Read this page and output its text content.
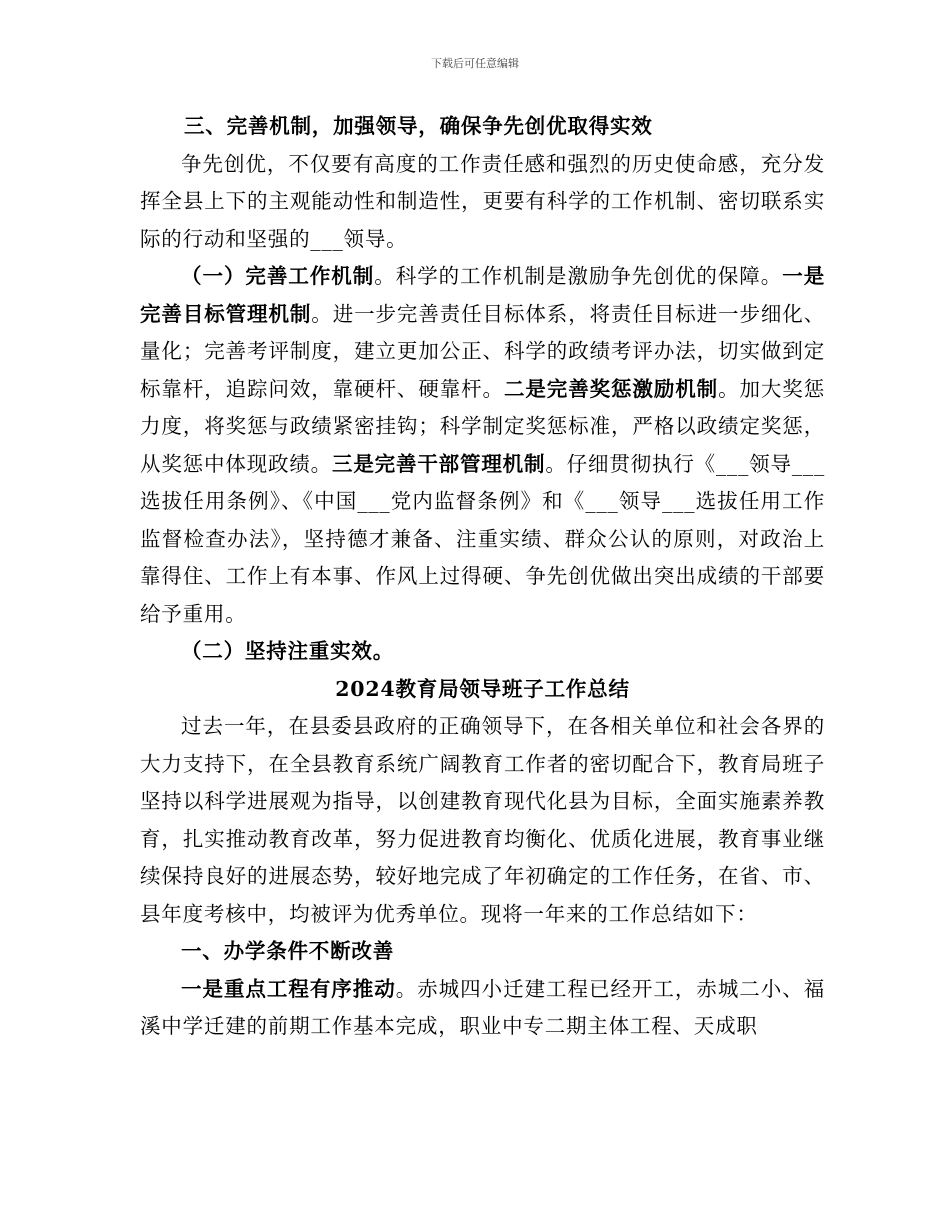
下载后可任意编辑

三、完善机制，加强领导，确保争先创优取得实效

争先创优，不仅要有高度的工作责任感和强烈的历史使命感，充分发挥全县上下的主观能动性和制造性，更要有科学的工作机制、密切联系实际的行动和坚强的___领导。

（一）完善工作机制。科学的工作机制是激励争先创优的保障。一是完善目标管理机制。进一步完善责任目标体系，将责任目标进一步细化、量化；完善考评制度，建立更加公正、科学的政绩考评办法，切实做到定标靠杆，追踪问效，靠硬杆、硬靠杆。二是完善奖惩激励机制。加大奖惩力度，将奖惩与政绩紧密挂钩；科学制定奖惩标准，严格以政绩定奖惩，从奖惩中体现政绩。三是完善干部管理机制。仔细贯彻执行《___领导___选拔任用条例》、《中国___党内监督条例》和《___领导___选拔任用工作监督检查办法》，坚持德才兼备、注重实绩、群众公认的原则，对政治上靠得住、工作上有本事、作风上过得硬、争先创优做出突出成绩的干部要给予重用。

（二）坚持注重实效。

2024教育局领导班子工作总结

过去一年，在县委县政府的正确领导下，在各相关单位和社会各界的大力支持下，在全县教育系统广阔教育工作者的密切配合下，教育局班子坚持以科学进展观为指导，以创建教育现代化县为目标，全面实施素养教育，扎实推动教育改革，努力促进教育均衡化、优质化进展，教育事业继续保持良好的进展态势，较好地完成了年初确定的工作任务，在省、市、县年度考核中，均被评为优秀单位。现将一年来的工作总结如下：

一、办学条件不断改善

一是重点工程有序推动。赤城四小迁建工程已经开工，赤城二小、福溪中学迁建的前期工作基本完成，职业中专二期主体工程、天成职
